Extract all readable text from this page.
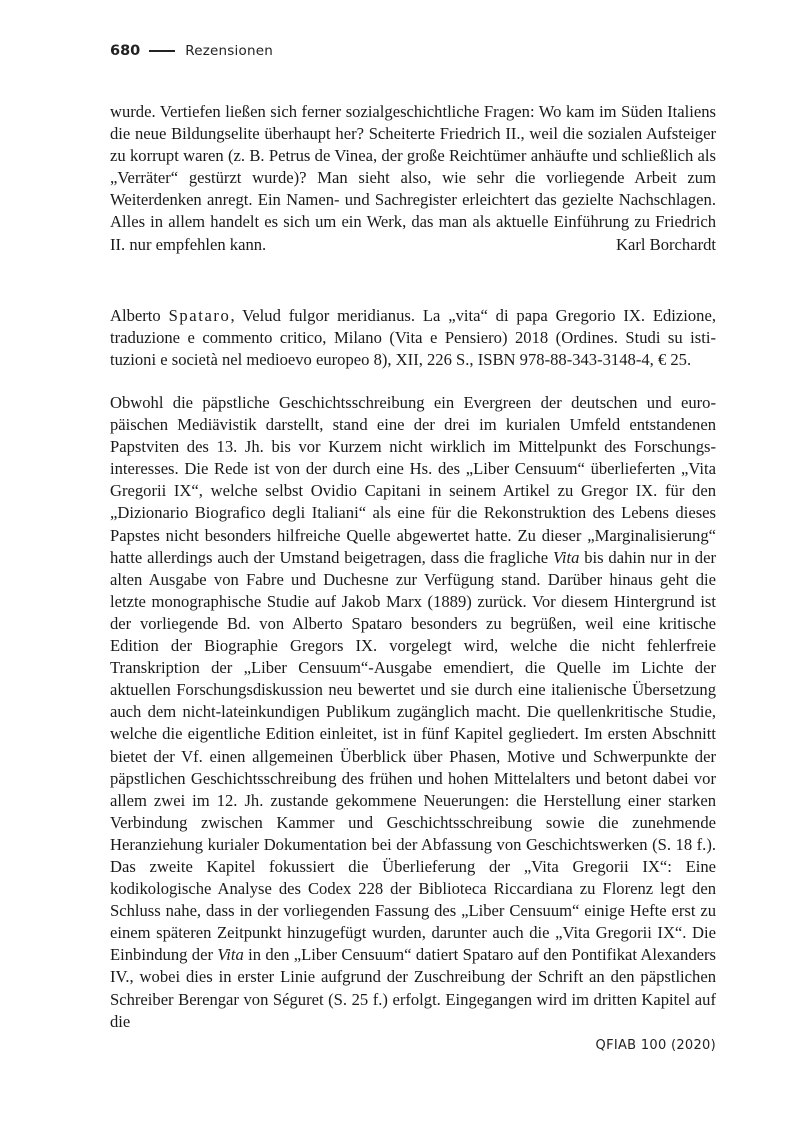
680	Rezensionen

wurde. Vertiefen ließen sich ferner sozialgeschichtliche Fragen: Wo kam im Süden Italiens die neue Bildungselite überhaupt her? Scheiterte Friedrich II., weil die sozialen Aufsteiger zu korrupt waren (z. B. Petrus de Vinea, der große Reichtümer anhäufte und schließlich als „Verräter“ gestürzt wurde)? Man sieht also, wie sehr die vorliegende Arbeit zum Weiterdenken anregt. Ein Namen- und Sachregister erleichtert das gezielte Nachschlagen. Alles in allem handelt es sich um ein Werk, das man als aktuelle Einführung zu Friedrich II. nur empfehlen kann.	Karl Borchardt

Alberto Spataro, Velud fulgor meridianus. La „vita“ di papa Gregorio IX. Edizione, traduzione e commento critico, Milano (Vita e Pensiero) 2018 (Ordines. Studi su istituzioni e società nel medioevo europeo 8), XII, 226 S., ISBN 978-88-343-3148-4, € 25.

Obwohl die päpstliche Geschichtsschreibung ein Evergreen der deutschen und europäischen Mediävistik darstellt, stand eine der drei im kurialen Umfeld entstandenen Papstviten des 13. Jh. bis vor Kurzem nicht wirklich im Mittelpunkt des Forschungsinteresses. Die Rede ist von der durch eine Hs. des „Liber Censuum“ überlieferten „Vita Gregorii IX“, welche selbst Ovidio Capitani in seinem Artikel zu Gregor IX. für den „Dizionario Biografico degli Italiani“ als eine für die Rekonstruktion des Lebens dieses Papstes nicht besonders hilfreiche Quelle abgewertet hatte. Zu dieser „Marginalisierung“ hatte allerdings auch der Umstand beigetragen, dass die fragliche Vita bis dahin nur in der alten Ausgabe von Fabre und Duchesne zur Verfügung stand. Darüber hinaus geht die letzte monographische Studie auf Jakob Marx (1889) zurück. Vor diesem Hintergrund ist der vorliegende Bd. von Alberto Spataro besonders zu begrüßen, weil eine kritische Edition der Biographie Gregors IX. vorgelegt wird, welche die nicht fehlerfreie Transkription der „Liber Censuum“-Ausgabe emendiert, die Quelle im Lichte der aktuellen Forschungsdiskussion neu bewertet und sie durch eine italienische Übersetzung auch dem nicht-lateinkundigen Publikum zugänglich macht. Die quellenkritische Studie, welche die eigentliche Edition einleitet, ist in fünf Kapitel gegliedert. Im ersten Abschnitt bietet der Vf. einen allgemeinen Überblick über Phasen, Motive und Schwerpunkte der päpstlichen Geschichtsschreibung des frühen und hohen Mittelalters und betont dabei vor allem zwei im 12. Jh. zustande gekommene Neuerungen: die Herstellung einer starken Verbindung zwischen Kammer und Geschichtsschreibung sowie die zunehmende Heranziehung kurialer Dokumentation bei der Abfassung von Geschichtswerken (S. 18 f.). Das zweite Kapitel fokussiert die Überlieferung der „Vita Gregorii IX“: Eine kodikologische Analyse des Codex 228 der Biblioteca Riccardiana zu Florenz legt den Schluss nahe, dass in der vorliegenden Fassung des „Liber Censuum“ einige Hefte erst zu einem späteren Zeitpunkt hinzugefügt wurden, darunter auch die „Vita Gregorii IX“. Die Einbindung der Vita in den „Liber Censuum“ datiert Spataro auf den Pontifikat Alexanders IV., wobei dies in erster Linie aufgrund der Zuschreibung der Schrift an den päpstlichen Schreiber Berengar von Séguret (S. 25 f.) erfolgt. Eingegangen wird im dritten Kapitel auf die

QFIAB 100 (2020)
